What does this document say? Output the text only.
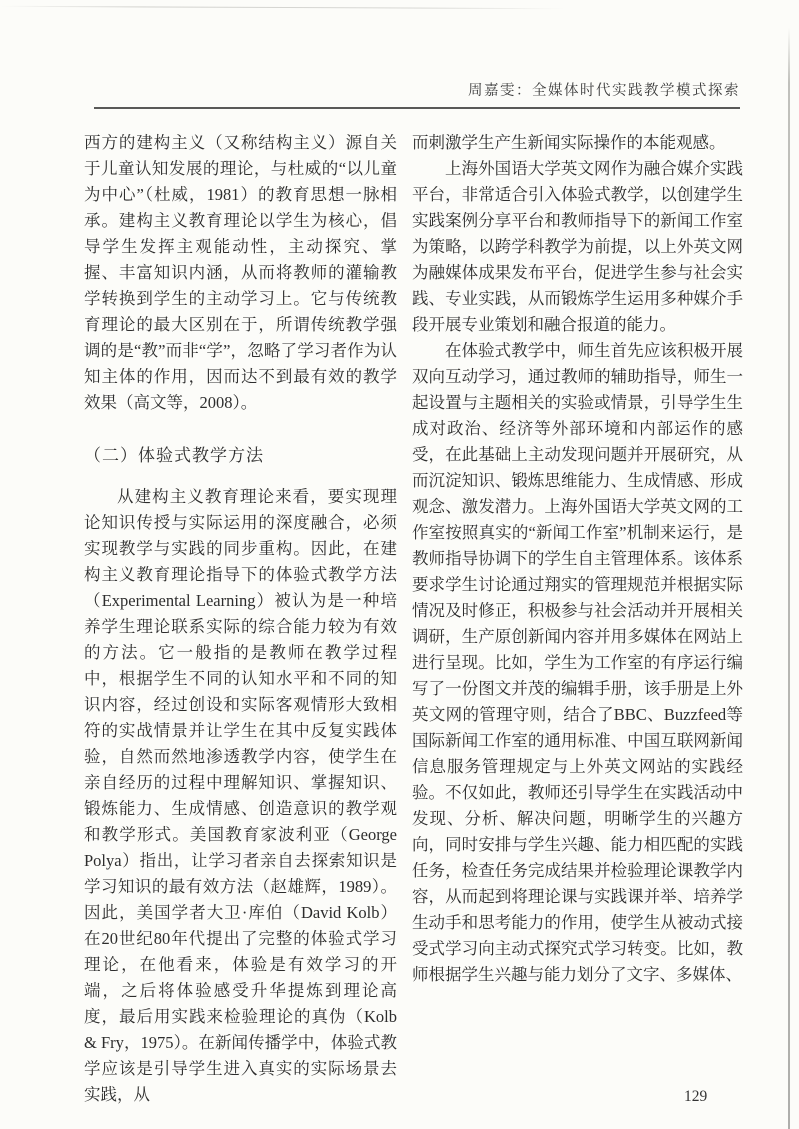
周嘉雯：全媒体时代实践教学模式探索

西方的建构主义（又称结构主义）源自关于儿童认知发展的理论，与杜威的“以儿童为中心”（杜威，1981）的教育思想一脉相承。建构主义教育理论以学生为核心，倡导学生发挥主观能动性，主动探究、掌握、丰富知识内涵，从而将教师的灌输教学转换到学生的主动学习上。它与传统教育理论的最大区别在于，所谓传统教学强调的是“教”而非“学”，忽略了学习者作为认知主体的作用，因而达不到最有效的教学效果（高文等，2008）。

（二）体验式教学方法

从建构主义教育理论来看，要实现理论知识传授与实际运用的深度融合，必须实现教学与实践的同步重构。因此，在建构主义教育理论指导下的体验式教学方法（Experimental Learning）被认为是一种培养学生理论联系实际的综合能力较为有效的方法。它一般指的是教师在教学过程中，根据学生不同的认知水平和不同的知识内容，经过创设和实际客观情形大致相符的实战情景并让学生在其中反复实践体验，自然而然地渗透教学内容，使学生在亲自经历的过程中理解知识、掌握知识、锻炼能力、生成情感、创造意识的教学观和教学形式。美国教育家波利亚（George Polya）指出，让学习者亲自去探索知识是学习知识的最有效方法（赵雄辉，1989）。因此，美国学者大卫·库伯（David Kolb）在20世纪80年代提出了完整的体验式学习理论，在他看来，体验是有效学习的开端，之后将体验感受升华提炼到理论高度，最后用实践来检验理论的真伪（Kolb & Fry，1975）。在新闻传播学中，体验式教学应该是引导学生进入真实的实际场景去实践，从

而刺激学生产生新闻实际操作的本能观感。

上海外国语大学英文网作为融合媒介实践平台，非常适合引入体验式教学，以创建学生实践案例分享平台和教师指导下的新闻工作室为策略，以跨学科教学为前提，以上外英文网为融媒体成果发布平台，促进学生参与社会实践、专业实践，从而锻炼学生运用多种媒介手段开展专业策划和融合报道的能力。

在体验式教学中，师生首先应该积极开展双向互动学习，通过教师的辅助指导，师生一起设置与主题相关的实验或情景，引导学生生成对政治、经济等外部环境和内部运作的感受，在此基础上主动发现问题并开展研究，从而沉淀知识、锻炼思维能力、生成情感、形成观念、激发潜力。上海外国语大学英文网的工作室按照真实的“新闻工作室”机制来运行，是教师指导协调下的学生自主管理体系。该体系要求学生讨论通过翔实的管理规范并根据实际情况及时修正，积极参与社会活动并开展相关调研，生产原创新闻内容并用多媒体在网站上进行呈现。比如，学生为工作室的有序运行编写了一份图文并茂的编辑手册，该手册是上外英文网的管理守则，结合了BBC、Buzzfeed等国际新闻工作室的通用标准、中国互联网新闻信息服务管理规定与上外英文网站的实践经验。不仅如此，教师还引导学生在实践活动中发现、分析、解决问题，明晰学生的兴趣方向，同时安排与学生兴趣、能力相匹配的实践任务，检查任务完成结果并检验理论课教学内容，从而起到将理论课与实践课并举、培养学生动手和思考能力的作用，使学生从被动式接受式学习向主动式探究式学习转变。比如，教师根据学生兴趣与能力划分了文字、多媒体、

129
